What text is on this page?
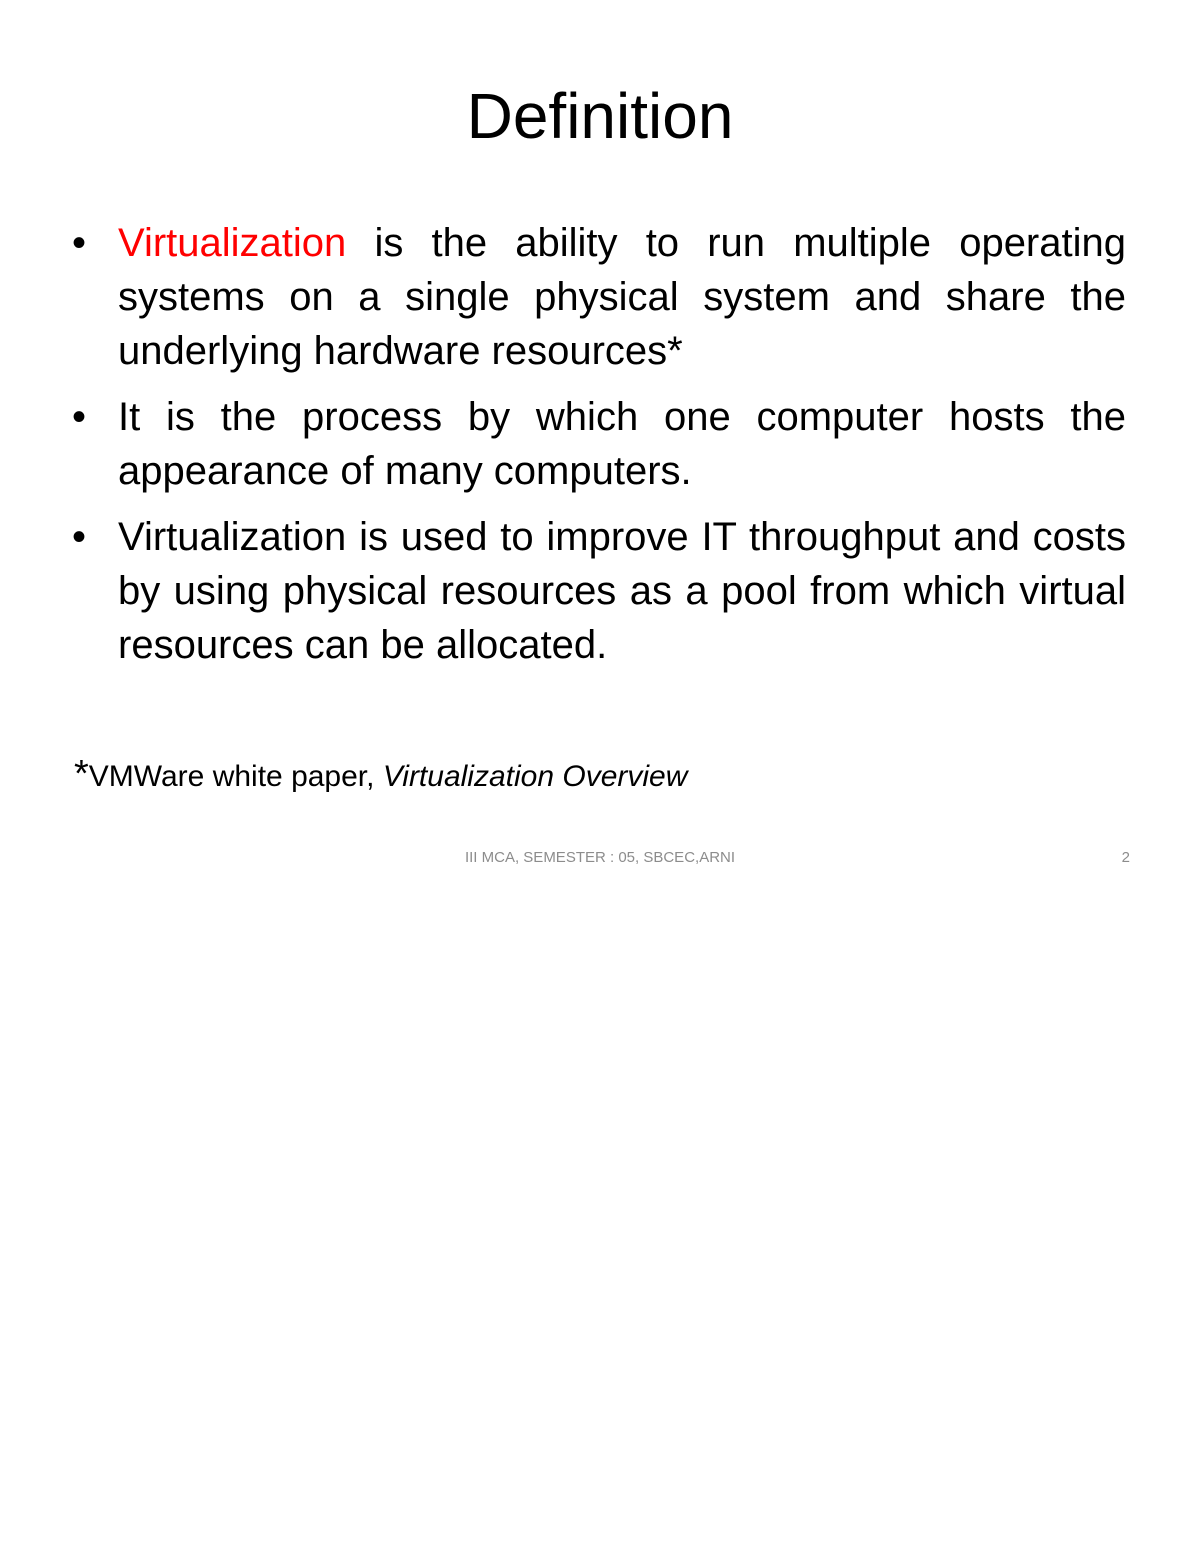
Definition
• Virtualization is the ability to run multiple operating systems on a single physical system and share the underlying hardware resources*
• It is the process by which one computer hosts the appearance of many computers.
• Virtualization is used to improve IT throughput and costs by using physical resources as a pool from which virtual resources can be allocated.
*VMWare white paper, Virtualization Overview
III MCA, SEMESTER : 05, SBCEC,ARNI	2
